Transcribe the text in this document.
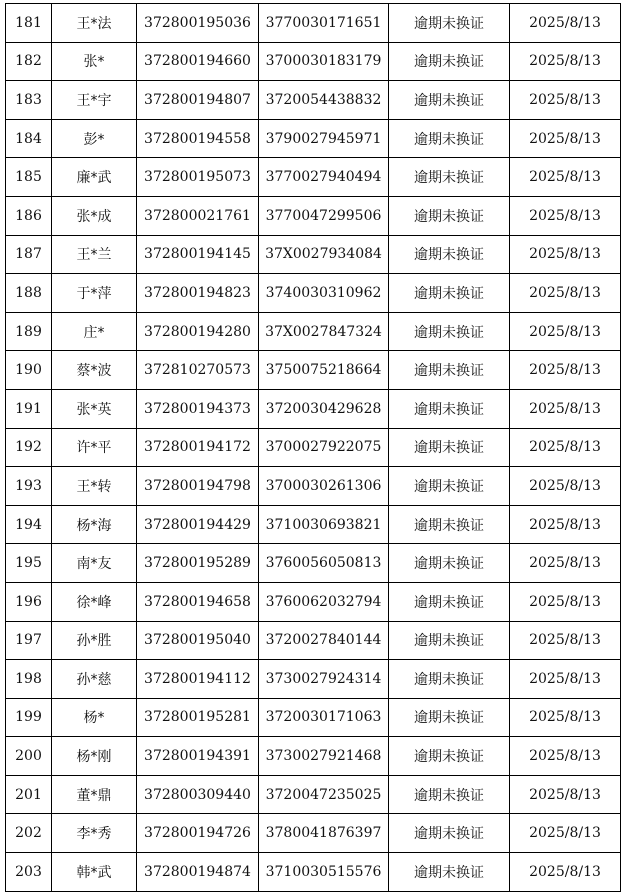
181	王*法	372800195036	3770030171651	逾期未换证	2025/8/13
182	张*	372800194660	3700030183179	逾期未换证	2025/8/13
183	王*宇	372800194807	3720054438832	逾期未换证	2025/8/13
184	彭*	372800194558	3790027945971	逾期未换证	2025/8/13
185	廉*武	372800195073	3770027940494	逾期未换证	2025/8/13
186	张*成	372800021761	3770047299506	逾期未换证	2025/8/13
187	王*兰	372800194145	37X0027934084	逾期未换证	2025/8/13
188	于*萍	372800194823	3740030310962	逾期未换证	2025/8/13
189	庄*	372800194280	37X0027847324	逾期未换证	2025/8/13
190	蔡*波	372810270573	3750075218664	逾期未换证	2025/8/13
191	张*英	372800194373	3720030429628	逾期未换证	2025/8/13
192	许*平	372800194172	3700027922075	逾期未换证	2025/8/13
193	王*转	372800194798	3700030261306	逾期未换证	2025/8/13
194	杨*海	372800194429	3710030693821	逾期未换证	2025/8/13
195	南*友	372800195289	3760056050813	逾期未换证	2025/8/13
196	徐*峰	372800194658	3760062032794	逾期未换证	2025/8/13
197	孙*胜	372800195040	3720027840144	逾期未换证	2025/8/13
198	孙*慈	372800194112	3730027924314	逾期未换证	2025/8/13
199	杨*	372800195281	3720030171063	逾期未换证	2025/8/13
200	杨*刚	372800194391	3730027921468	逾期未换证	2025/8/13
201	董*鼎	372800309440	3720047235025	逾期未换证	2025/8/13
202	李*秀	372800194726	3780041876397	逾期未换证	2025/8/13
203	韩*武	372800194874	3710030515576	逾期未换证	2025/8/13
